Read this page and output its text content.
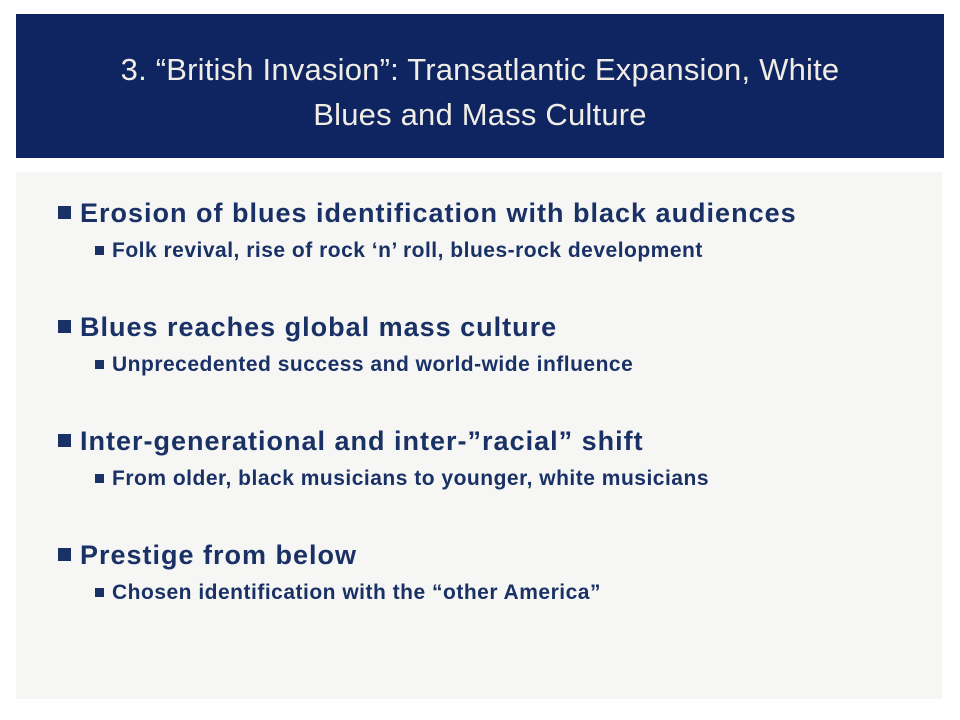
3. “British Invasion”: Transatlantic Expansion, White
Blues and Mass Culture
Erosion of blues identification with black audiences
Folk revival, rise of rock ‘n’ roll, blues-rock development
Blues reaches global mass culture
Unprecedented success and world-wide influence
Inter-generational and inter-”racial” shift
From older, black musicians to younger, white musicians
Prestige from below
Chosen identification with the “other America”
